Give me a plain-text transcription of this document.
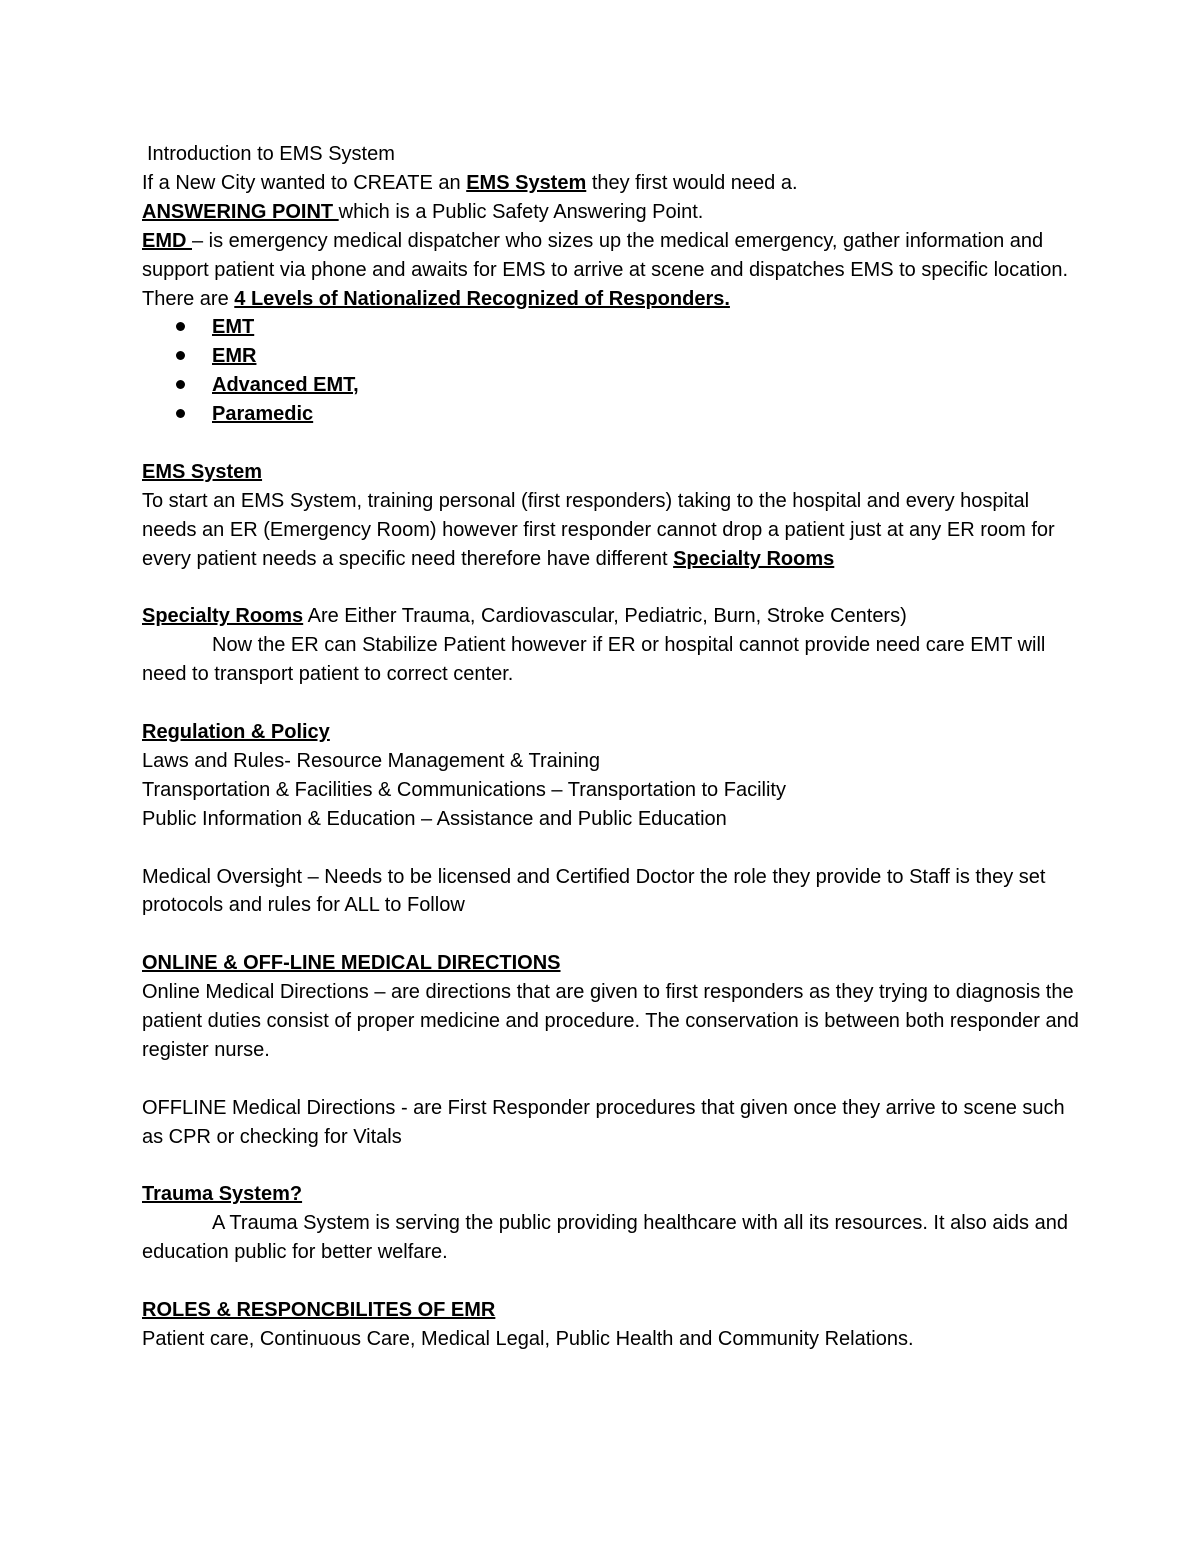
Introduction to EMS System

If a New City wanted to CREATE an EMS System they first would need a.

ANSWERING POINT which is a Public Safety Answering Point.

EMD – is emergency medical dispatcher who sizes up the medical emergency, gather information and support patient via phone and awaits for EMS to arrive at scene and dispatches EMS to specific location.

There are 4 Levels of Nationalized Recognized of Responders.

EMT
EMR
Advanced EMT,
Paramedic

EMS System

To start an EMS System, training personal (first responders) taking to the hospital and every hospital needs an ER (Emergency Room) however first responder cannot drop a patient just at any ER room for every patient needs a specific need therefore have different Specialty Rooms

Specialty Rooms Are Either Trauma, Cardiovascular, Pediatric, Burn, Stroke Centers)

Now the ER can Stabilize Patient however if ER or hospital cannot provide need care EMT will need to transport patient to correct center.

Regulation & Policy

Laws and Rules- Resource Management & Training

Transportation & Facilities & Communications – Transportation to Facility

Public Information & Education – Assistance and Public Education

Medical Oversight – Needs to be licensed and Certified Doctor the role they provide to Staff is they set protocols and rules for ALL to Follow

ONLINE & OFF-LINE MEDICAL DIRECTIONS

Online Medical Directions – are directions that are given to first responders as they trying to diagnosis the patient duties consist of proper medicine and procedure. The conservation is between both responder and register nurse.

OFFLINE Medical Directions - are First Responder procedures that given once they arrive to scene such as CPR or checking for Vitals

Trauma System?

A Trauma System is serving the public providing healthcare with all its resources. It also aids and education public for better welfare.

ROLES & RESPONCBILITES OF EMR

Patient care, Continuous Care, Medical Legal, Public Health and Community Relations.
